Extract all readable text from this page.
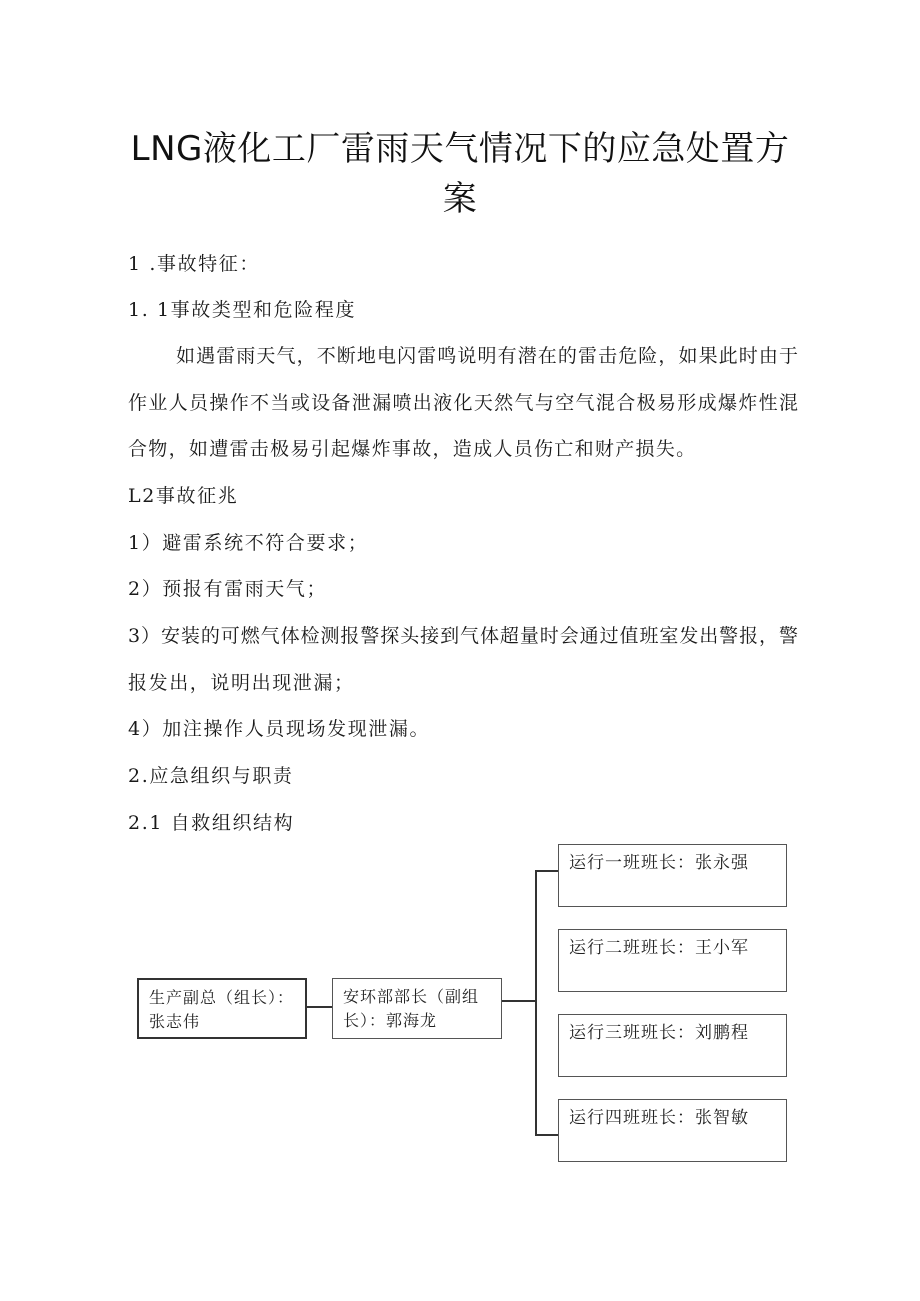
LNG液化工厂雷雨天气情况下的应急处置方
案
1 .事故特征：
1. 1事故类型和危险程度
如遇雷雨天气，不断地电闪雷鸣说明有潜在的雷击危险，如果此时由于
作业人员操作不当或设备泄漏喷出液化天然气与空气混合极易形成爆炸性混
合物，如遭雷击极易引起爆炸事故，造成人员伤亡和财产损失。
L2事故征兆
1）避雷系统不符合要求；
2）预报有雷雨天气；
3）安装的可燃气体检测报警探头接到气体超量时会通过值班室发出警报，警
报发出，说明出现泄漏；
4）加注操作人员现场发现泄漏。
2.应急组织与职责
2.1 自救组织结构
生产副总（组长）：张志伟
安环部部长（副组长）：郭海龙
运行一班班长：张永强
运行二班班长：王小军
运行三班班长：刘鹏程
运行四班班长：张智敏
